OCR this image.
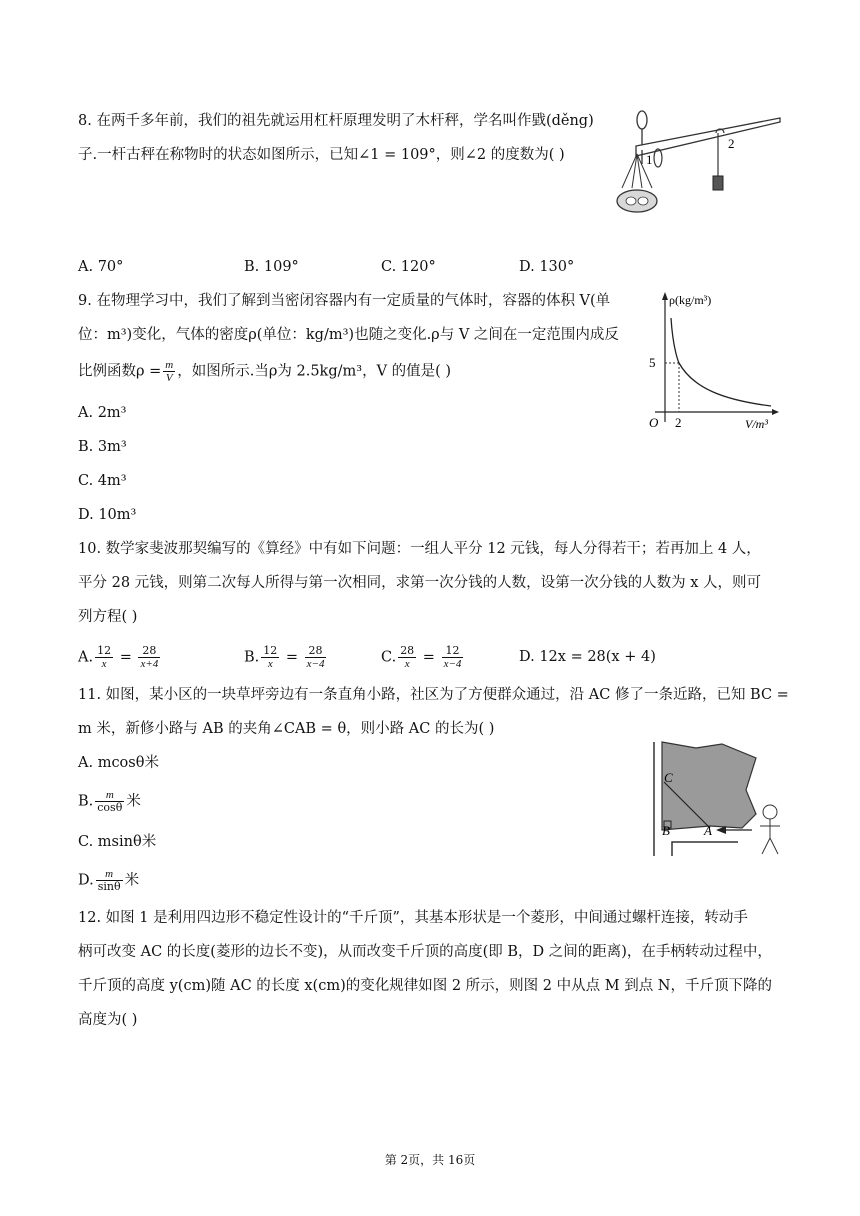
8. 在两千多年前，我们的祖先就运用杠杆原理发明了木杆秤，学名叫作戥(děng)
子.一杆古秤在称物时的状态如图所示，已知∠1 = 109°，则∠2 的度数为( )	1
2
A. 70°	B. 109°	C. 120°	D. 130°
9. 在物理学习中，我们了解到当密闭容器内有一定质量的气体时，容器的体积 V(单
位：m³)变化，气体的密度ρ(单位：kg/m³)也随之变化.ρ与 V 之间在一定范围内成反
比例函数$\rho = \frac{m}{V}$ ，如图所示.当ρ为 2.5kg/m³，V 的值是( )
ρ(kg/m³)
V/m³
O
5
2
A. 2m³
B. 3m³
C. 4m³
D. 10m³
10. 数学家斐波那契编写的《算经》中有如下问题：一组人平分 12 元钱，每人分得若干；若再加上 4 人，
平分 28 元钱，则第二次每人所得与第一次相同，求第一次分钱的人数，设第一次分钱的人数为 x 人，则可
列方程( )
A. $\frac{12}{x} = \frac{28}{x+4}$	B. $\frac{12}{x} = \frac{28}{x-4}$	C. $\frac{28}{x} = \frac{12}{x-4}$	D. 12x = 28(x + 4)
11. 如图，某小区的一块草坪旁边有一条直角小路，社区为了方便群众通过，沿 AC 修了一条近路，已知 BC =
m 米，新修小路与 AB 的夹角∠CAB = θ，则小路 AC 的长为( )
A. mcosθ米
B. $\frac{m}{\cos\theta}$ 米
C. msinθ米
D. $\frac{m}{\sin\theta}$ 米
C
B	A
12. 如图 1 是利用四边形不稳定性设计的“千斤顶”，其基本形状是一个菱形，中间通过螺杆连接，转动手
柄可改变 AC 的长度(菱形的边长不变)，从而改变千斤顶的高度(即 B，D 之间的距离)，在手柄转动过程中，
千斤顶的高度 y(cm)随 AC 的长度 x(cm)的变化规律如图 2 所示，则图 2 中从点 M 到点 N，千斤顶下降的
高度为( )
第 2页，共 16页
